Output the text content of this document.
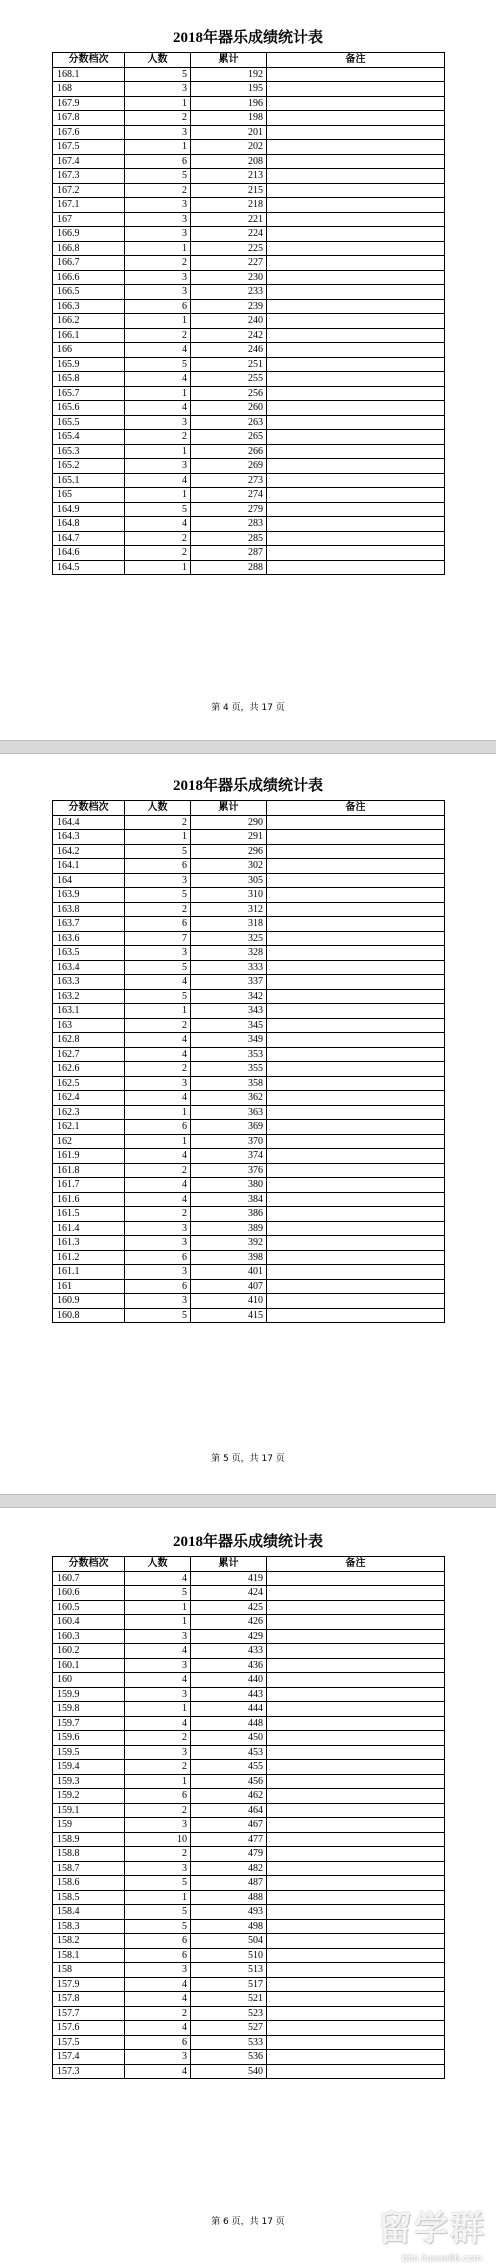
2018年器乐成绩统计表
分数档次	人数	累计	备注
168.1	5	192	
168	3	195	
167.9	1	196	
167.8	2	198	
167.6	3	201	
167.5	1	202	
167.4	6	208	
167.3	5	213	
167.2	2	215	
167.1	3	218	
167	3	221	
166.9	3	224	
166.8	1	225	
166.7	2	227	
166.6	3	230	
166.5	3	233	
166.3	6	239	
166.2	1	240	
166.1	2	242	
166	4	246	
165.9	5	251	
165.8	4	255	
165.7	1	256	
165.6	4	260	
165.5	3	263	
165.4	2	265	
165.3	1	266	
165.2	3	269	
165.1	4	273	
165	1	274	
164.9	5	279	
164.8	4	283	
164.7	2	285	
164.6	2	287	
164.5	1	288	
第 4 页，共 17 页
2018年器乐成绩统计表
分数档次	人数	累计	备注
164.4	2	290	
164.3	1	291	
164.2	5	296	
164.1	6	302	
164	3	305	
163.9	5	310	
163.8	2	312	
163.7	6	318	
163.6	7	325	
163.5	3	328	
163.4	5	333	
163.3	4	337	
163.2	5	342	
163.1	1	343	
163	2	345	
162.8	4	349	
162.7	4	353	
162.6	2	355	
162.5	3	358	
162.4	4	362	
162.3	1	363	
162.1	6	369	
162	1	370	
161.9	4	374	
161.8	2	376	
161.7	4	380	
161.6	4	384	
161.5	2	386	
161.4	3	389	
161.3	3	392	
161.2	6	398	
161.1	3	401	
161	6	407	
160.9	3	410	
160.8	5	415	
第 5 页，共 17 页
2018年器乐成绩统计表
分数档次	人数	累计	备注
160.7	4	419	
160.6	5	424	
160.5	1	425	
160.4	1	426	
160.3	3	429	
160.2	4	433	
160.1	3	436	
160	4	440	
159.9	3	443	
159.8	1	444	
159.7	4	448	
159.6	2	450	
159.5	3	453	
159.4	2	455	
159.3	1	456	
159.2	6	462	
159.1	2	464	
159	3	467	
158.9	10	477	
158.8	2	479	
158.7	3	482	
158.6	5	487	
158.5	1	488	
158.4	5	493	
158.3	5	498	
158.2	6	504	
158.1	6	510	
158	3	513	
157.9	4	517	
157.8	4	521	
157.7	2	523	
157.6	4	527	
157.5	6	533	
157.4	3	536	
157.3	4	540	
第 6 页，共 17 页	留学群
bbs.liuxue86.com
